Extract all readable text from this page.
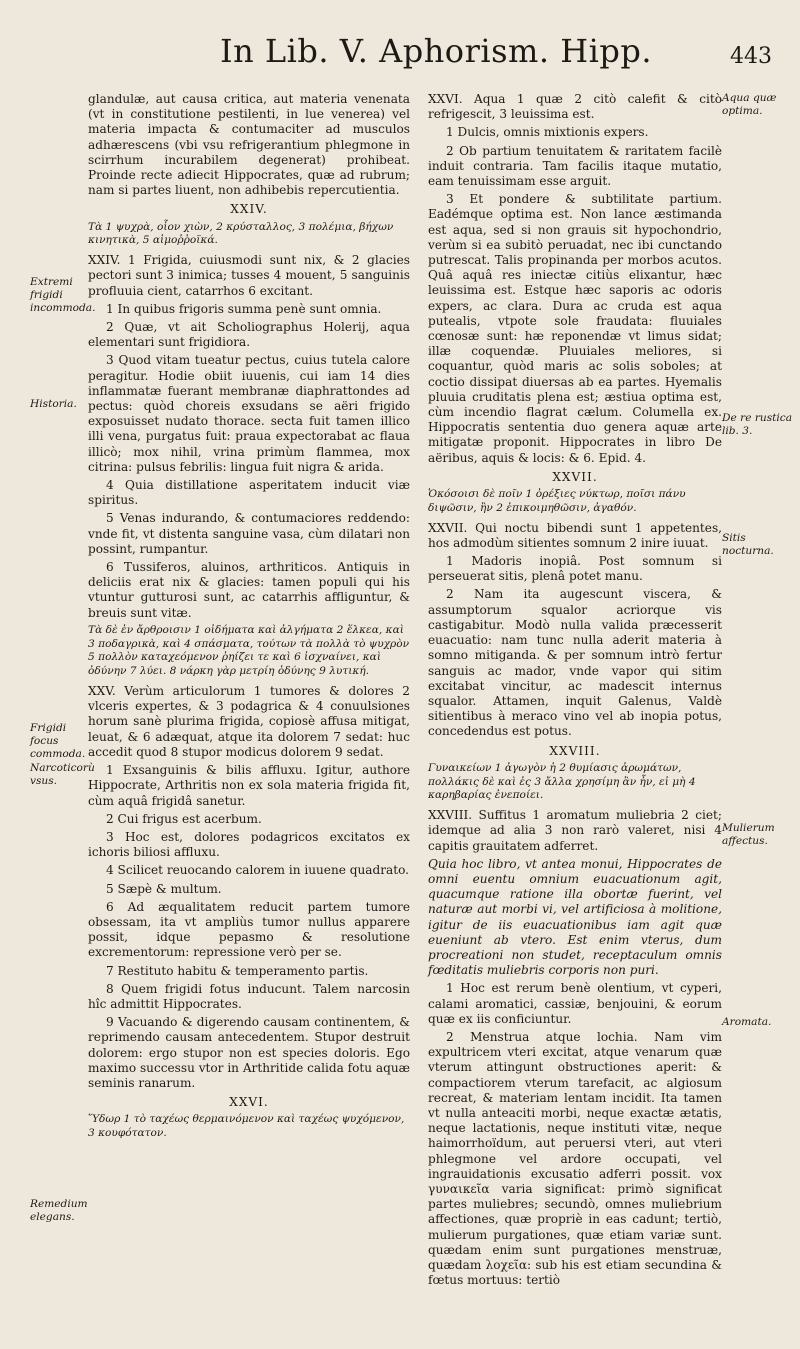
In Lib. V. Aphorism. Hipp.	443

glandulæ, aut causa critica, aut materia venenata (vt in constitutione pestilenti, in lue venerea) vel materia impacta & contumaciter ad musculos adhærescens (vbi vsu refrigerantium phlegmone in scirrhum incurabilem degenerat) prohibeat. Proinde recte adiecit Hippocrates, quæ ad rubrum; nam si partes liuent, non adhibebis repercutientia.

XXIV.

Τὰ 1 ψυχρὰ, οἷον χιὼν, 2 κρύσταλλος, 3 πολέμια, βήχων κινητικὰ, 5 αἱμοῤῥοϊκά.

XXIV. 1 Frigida, cuiusmodi sunt nix, & 2 glacies pectori sunt 3 inimica; tusses 4 mouent, 5 sanguinis profluuia cient, catarrhos 6 excitant.

1 In quibus frigoris summa penè sunt omnia.

2 Quæ, vt ait Scholiographus Holerij, aqua elementari sunt frigidiora.

3 Quod vitam tueatur pectus, cuius tutela calore peragitur. Hodie obiit iuuenis, cui iam 14 dies inflammatæ fuerant membranæ diaphrattondes ad pectus: quòd choreis exsudans se aëri frigido exposuisset nudato thorace. secta fuit tamen illico illi vena, purgatus fuit: praua expectorabat ac flaua illicò; mox nihil, vrina primùm flammea, mox citrina: pulsus febrilis: lingua fuit nigra & arida.

4 Quia distillatione asperitatem inducit viæ spiritus.

5 Venas indurando, & contumaciores reddendo: vnde fit, vt distenta sanguine vasa, cùm dilatari non possint, rumpantur.

6 Tussiferos, aluinos, arthriticos. Antiquis in deliciis erat nix & glacies: tamen populi qui his vtuntur gutturosi sunt, ac catarrhis affliguntur, & breuis sunt vitæ.

Τὰ δὲ ἐν ἄρθροισιν 1 οἰδήματα καὶ ἀλγήματα 2 ἕλκεα, καὶ 3 ποδαγρικὰ, καὶ 4 σπάσματα, τούτων τὰ πολλὰ τὸ ψυχρὸν 5 πολλὸν καταχεόμενον ῥηίζει τε καὶ 6 ἰσχναίνει, καὶ ὀδύνην 7 λύει. 8 νάρκη γὰρ μετρίη ὀδύνης 9 λυτική.

XXV. Verùm articulorum 1 tumores & dolores 2 vlceris expertes, & 3 podagrica & 4 conuulsiones horum sanè plurima frigida, copiosè affusa mitigat, leuat, & 6 adæquat, atque ita dolorem 7 sedat: huc accedit quod 8 stupor modicus dolorem 9 sedat.

1 Exsanguinis & bilis affluxu. Igitur, authore Hippocrate, Arthritis non ex sola materia frigida fit, cùm aquâ frigidâ sanetur.

2 Cui frigus est acerbum.

3 Hoc est, dolores podagricos excitatos ex ichoris biliosi affluxu.

4 Scilicet reuocando calorem in iuuene quadrato.

5 Sæpè & multum.

6 Ad æqualitatem reducit partem tumore obsessam, ita vt ampliùs tumor nullus apparere possit, idque pepasmo & resolutione excrementorum: repressione verò per se.

7 Restituto habitu & temperamento partis.

8 Quem frigidi fotus inducunt. Talem narcosin hîc admittit Hippocrates.

9 Vacuando & digerendo causam continentem, & reprimendo causam antecedentem. Stupor destruit dolorem: ergo stupor non est species doloris. Ego maximo successu vtor in Arthritide calida fotu aquæ seminis ranarum.

XXVI.

Ὕδωρ 1 τὸ ταχέως θερμαινόμενον καὶ ταχέως ψυχόμενον, 3 κουφότατον.

XXVI. Aqua 1 quæ 2 citò calefit & citò refrigescit, 3 leuissima est.

1 Dulcis, omnis mixtionis expers.

2 Ob partium tenuitatem & raritatem facilè induit contraria. Tam facilis itaque mutatio, eam tenuissimam esse arguit.

3 Et pondere & subtilitate partium. Eadémque optima est. Non lance æstimanda est aqua, sed si non grauis sit hypochondrio, verùm si ea subitò peruadat, nec ibi cunctando putrescat. Talis propinanda per morbos acutos. Quâ aquâ res iniectæ citiùs elixantur, hæc leuissima est. Estque hæc saporis ac odoris expers, ac clara. Dura ac cruda est aqua putealis, vtpote sole fraudata: fluuiales cœnosæ sunt: hæ reponendæ vt limus sidat; illæ coquendæ. Pluuiales meliores, si coquantur, quòd maris ac solis soboles; at coctio dissipat diuersas ab ea partes. Hyemalis pluuia cruditatis plena est; æstiua optima est, cùm incendio flagrat cælum. Columella ex. Hippocratis sententia duo genera aquæ arte mitigatæ proponit. Hippocrates in libro De aëribus, aquis & locis: & 6. Epid. 4.

XXVII.

Ὁκόσοισι δὲ ποῖν 1 ὀρέξιες νύκτωρ, ποῖσι πάνυ διψῶσιν, ἢν 2 ἐπικοιμηθῶσιν, ἀγαθόν.

XXVII. Qui noctu bibendi sunt 1 appetentes, hos admodùm sitientes somnum 2 inire iuuat.

1 Madoris inopiâ. Post somnum si perseuerat sitis, plenâ potet manu.

2 Nam ita augescunt viscera, & assumptorum squalor acriorque vis castigabitur. Modò nulla valida præcesserit euacuatio: nam tunc nulla aderit materia à somno mitiganda. & per somnum intrò fertur sanguis ac mador, vnde vapor qui sitim excitabat vincitur, ac madescit internus squalor. Attamen, inquit Galenus, Valdè sitientibus à meraco vino vel ab inopia potus, concedendus est potus.

XXVIII.

Γυναικείων 1 ἀγωγὸν ἡ 2 θυμίασις ἀρωμάτων, πολλάκις δὲ καὶ ἐς 3 ἄλλα χρησίμη ἂν ἦν, εἰ μὴ 4 καρηβαρίας ἐνεποίει.

XXVIII. Suffitus 1 aromatum muliebria 2 ciet; idemque ad alia 3 non rarò valeret, nisi 4 capitis grauitatem adferret.

Quia hoc libro, vt antea monui, Hippocrates de omni euentu omnium euacuationum agit, quacumque ratione illa obortæ fuerint, vel naturæ aut morbi vi, vel artificiosa à molitione, igitur de iis euacuationibus iam agit quæ eueniunt ab vtero. Est enim vterus, dum procreationi non studet, receptaculum omnis fœditatis muliebris corporis non puri.

1 Hoc est rerum benè olentium, vt cyperi, calami aromatici, cassiæ, benjouini, & eorum quæ ex iis conficiuntur.

2 Menstrua atque lochia. Nam vim expultricem vteri excitat, atque venarum quæ vterum attingunt obstructiones aperit: & compactiorem vterum tarefacit, ac algiosum recreat, & materiam lentam incidit. Ita tamen vt nulla anteaciti morbi, neque exactæ ætatis, neque lactationis, neque instituti vitæ, neque haimorrhoïdum, aut peruersi vteri, aut vteri phlegmone vel ardore occupati, vel ingrauidationis excusatio adferri possit. vox γυναικεῖα varia significat: primò significat partes muliebres; secundò, omnes muliebrium affectiones, quæ propriè in eas cadunt; tertiò, mulierum purgationes, quæ etiam variæ sunt. quædam enim sunt purgationes menstruæ, quædam λοχεῖα: sub his est etiam secundina & fœtus mortuus: tertiò

Extremi frigidi incommoda.
Historia.
Frigidi focus commoda.
Narcoticorù vsus.
Remedium elegans.
Aqua quæ optima.
De re rustica lib. 3.
Sitis nocturna.
Mulierum affectus.
Aromata.
